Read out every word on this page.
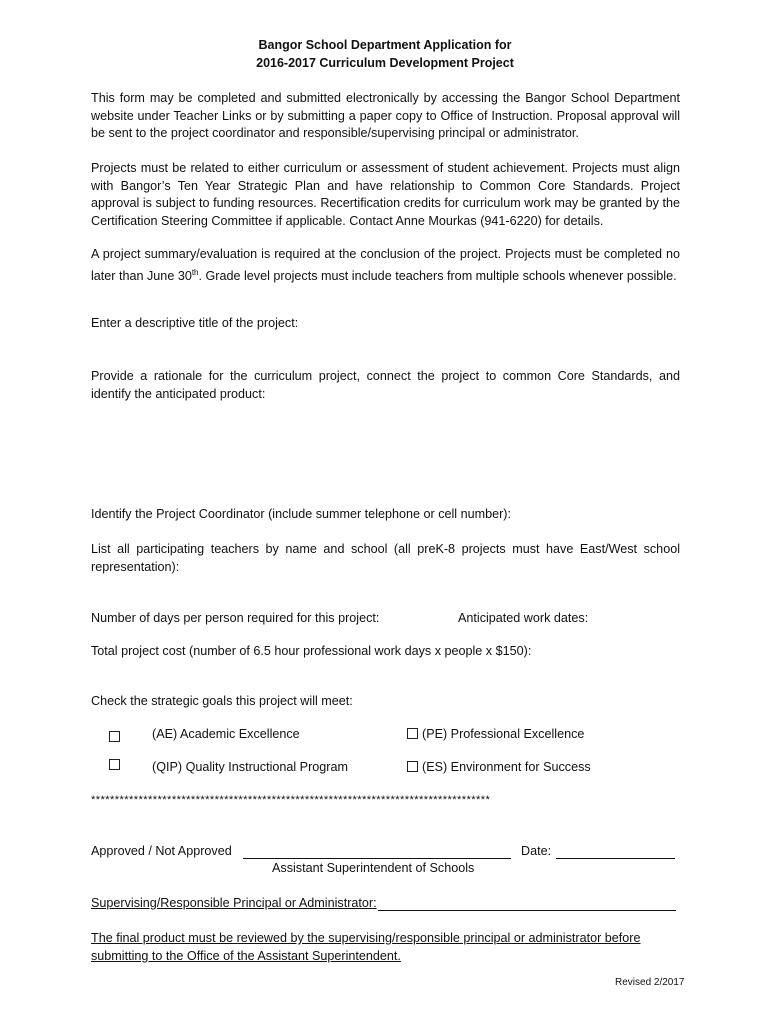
Bangor School Department Application for
2016-2017 Curriculum Development Project
This form may be completed and submitted electronically by accessing the Bangor School Department website under Teacher Links or by submitting a paper copy to Office of Instruction. Proposal approval will be sent to the project coordinator and responsible/supervising principal or administrator.
Projects must be related to either curriculum or assessment of student achievement. Projects must align with Bangor’s Ten Year Strategic Plan and have relationship to Common Core Standards. Project approval is subject to funding resources. Recertification credits for curriculum work may be granted by the Certification Steering Committee if applicable. Contact Anne Mourkas (941-6220) for details.
A project summary/evaluation is required at the conclusion of the project. Projects must be completed no later than June 30th. Grade level projects must include teachers from multiple schools whenever possible.
Enter a descriptive title of the project:
Provide a rationale for the curriculum project, connect the project to common Core Standards, and identify the anticipated product:
Identify the Project Coordinator (include summer telephone or cell number):
List all participating teachers by name and school (all preK-8 projects must have East/West school representation):
Number of days per person required for this project:	Anticipated work dates:
Total project cost (number of 6.5 hour professional work days x people x $150):
Check the strategic goals this project will meet:
(AE) Academic Excellence	(PE) Professional Excellence
(QIP) Quality Instructional Program	(ES) Environment for Success
************************************************************************************
Approved / Not Approved	Date:
Assistant Superintendent of Schools
Supervising/Responsible Principal or Administrator:
The final product must be reviewed by the supervising/responsible principal or administrator before submitting to the Office of the Assistant Superintendent.
Revised 2/2017
